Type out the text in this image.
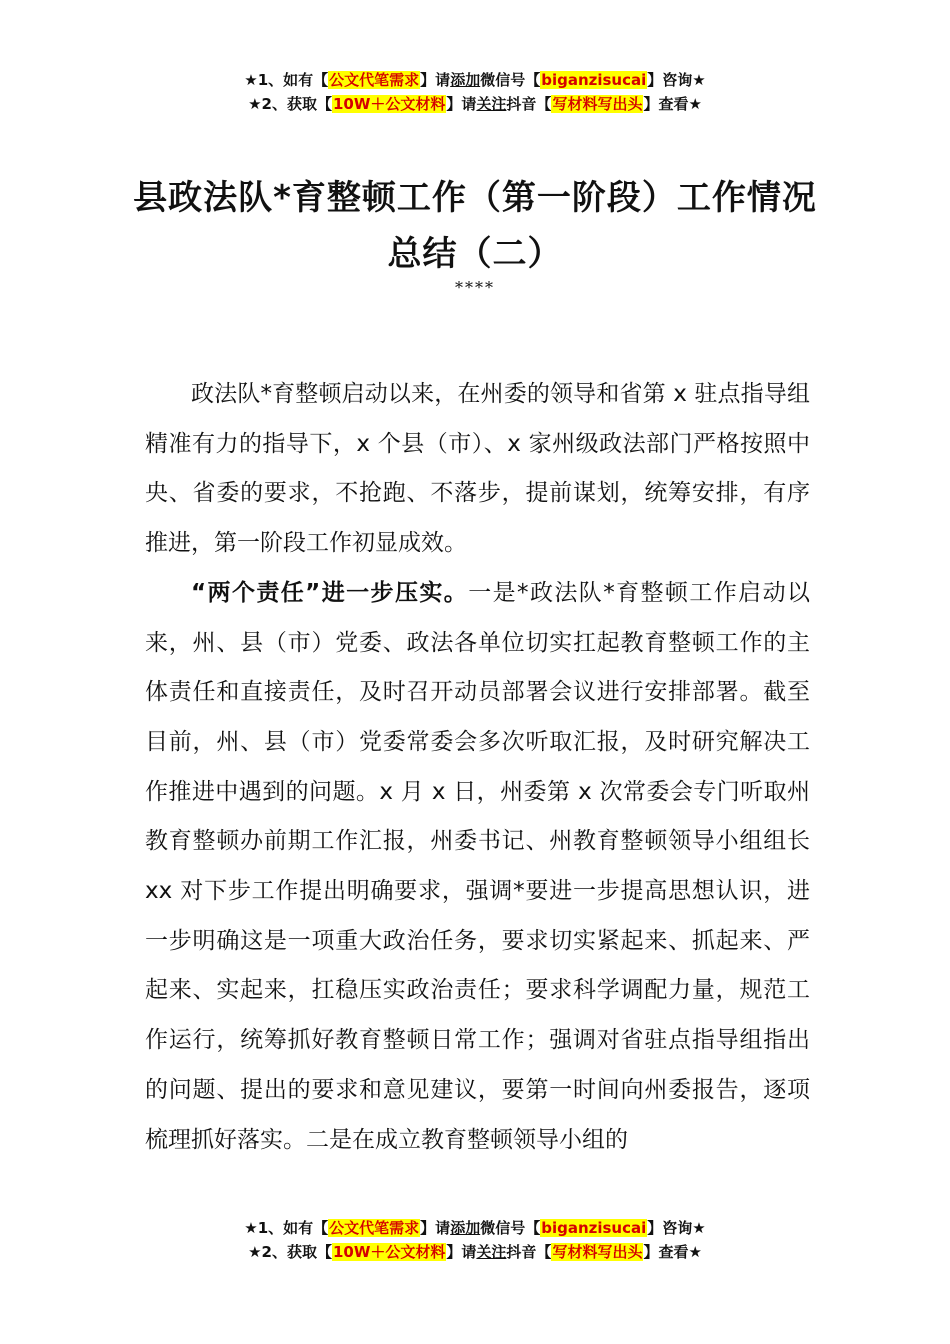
★1、如有【公文代笔需求】请添加微信号【biganzisucai】咨询★
★2、获取【10W＋公文材料】请关注抖音【写材料写出头】查看★
县政法队*育整顿工作（第一阶段）工作情况总结（二）
****

政法队*育整顿启动以来，在州委的领导和省第 x 驻点指导组精准有力的指导下，x 个县（市）、x 家州级政法部门严格按照中央、省委的要求，不抢跑、不落步，提前谋划，统筹安排，有序推进，第一阶段工作初显成效。

“两个责任”进一步压实。一是*政法队*育整顿工作启动以来，州、县（市）党委、政法各单位切实扛起教育整顿工作的主体责任和直接责任，及时召开动员部署会议进行安排部署。截至目前，州、县（市）党委常委会多次听取汇报，及时研究解决工作推进中遇到的问题。x 月 x 日，州委第 x 次常委会专门听取州教育整顿办前期工作汇报，州委书记、州教育整顿领导小组组长 xx 对下步工作提出明确要求，强调*要进一步提高思想认识，进一步明确这是一项重大政治任务，要求切实紧起来、抓起来、严起来、实起来，扛稳压实政治责任；要求科学调配力量，规范工作运行，统筹抓好教育整顿日常工作；强调对省驻点指导组指出的问题、提出的要求和意见建议，要第一时间向州委报告，逐项梳理抓好落实。二是在成立教育整顿领导小组的

★1、如有【公文代笔需求】请添加微信号【biganzisucai】咨询★
★2、获取【10W＋公文材料】请关注抖音【写材料写出头】查看★
